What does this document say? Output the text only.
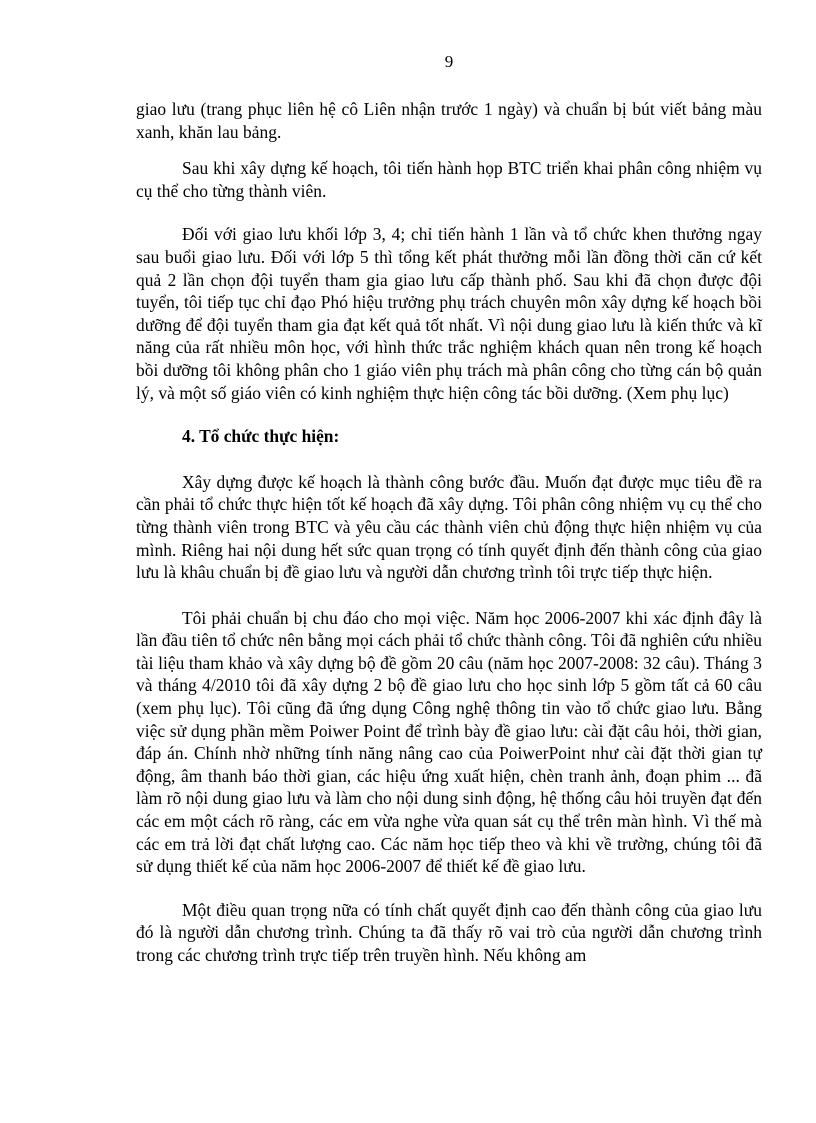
9

giao lưu (trang phục liên hệ cô Liên nhận trước 1 ngày) và chuẩn bị bút viết bảng màu xanh, khăn lau bảng.

Sau khi xây dựng kế hoạch, tôi tiến hành họp BTC triển khai phân công nhiệm vụ cụ thể cho từng thành viên.

Đối với giao lưu khối lớp 3, 4; chỉ tiến hành 1 lần và tổ chức khen thưởng ngay sau buổi giao lưu. Đối với lớp 5 thì tổng kết phát thưởng mỗi lần đồng thời căn cứ kết quả 2 lần chọn đội tuyển tham gia giao lưu cấp thành phố. Sau khi đã chọn được đội tuyển, tôi tiếp tục chỉ đạo Phó hiệu trưởng phụ trách chuyên môn xây dựng kế hoạch bồi dưỡng để đội tuyển tham gia đạt kết quả tốt nhất. Vì nội dung giao lưu là kiến thức và kĩ năng của rất nhiều môn học, với hình thức trắc nghiệm khách quan nên trong kế hoạch bồi dưỡng tôi không phân cho 1 giáo viên phụ trách mà phân công cho từng cán bộ quản lý, và một số giáo viên có kinh nghiệm thực hiện công tác bồi dưỡng. (Xem phụ lục)

4. Tổ chức thực hiện:

Xây dựng được kế hoạch là thành công bước đầu. Muốn đạt được mục tiêu đề ra cần phải tổ chức thực hiện tốt kế hoạch đã xây dựng. Tôi phân công nhiệm vụ cụ thể cho từng thành viên trong BTC và yêu cầu các thành viên chủ động thực hiện nhiệm vụ của mình. Riêng hai nội dung hết sức quan trọng có tính quyết định đến thành công của giao lưu là khâu chuẩn bị đề giao lưu và người dẫn chương trình tôi trực tiếp thực hiện.

Tôi phải chuẩn bị chu đáo cho mọi việc. Năm học 2006-2007 khi xác định đây là lần đầu tiên tổ chức nên bằng mọi cách phải tổ chức thành công. Tôi đã nghiên cứu nhiều tài liệu tham khảo và xây dựng bộ đề gồm 20 câu (năm học 2007-2008: 32 câu). Tháng 3 và tháng 4/2010 tôi đã xây dựng 2 bộ đề giao lưu cho học sinh lớp 5 gồm tất cả 60 câu (xem phụ lục). Tôi cũng đã ứng dụng Công nghệ thông tin vào tổ chức giao lưu. Bằng việc sử dụng phần mềm Poiwer Point để trình bày đề giao lưu: cài đặt câu hỏi, thời gian, đáp án. Chính nhờ những tính năng nâng cao của PoiwerPoint như cài đặt thời gian tự động, âm thanh báo thời gian, các hiệu ứng xuất hiện, chèn tranh ảnh, đoạn phim ... đã làm rõ nội dung giao lưu và làm cho nội dung sinh động, hệ thống câu hỏi truyền đạt đến các em một cách rõ ràng, các em vừa nghe vừa quan sát cụ thể trên màn hình. Vì thế mà các em trả lời đạt chất lượng cao. Các năm học tiếp theo và khi về trường, chúng tôi đã sử dụng thiết kế của năm học 2006-2007 để thiết kế đề giao lưu.

Một điều quan trọng nữa có tính chất quyết định cao đến thành công của giao lưu đó là người dẫn chương trình. Chúng ta đã thấy rõ vai trò của người dẫn chương trình trong các chương trình trực tiếp trên truyền hình. Nếu không am
